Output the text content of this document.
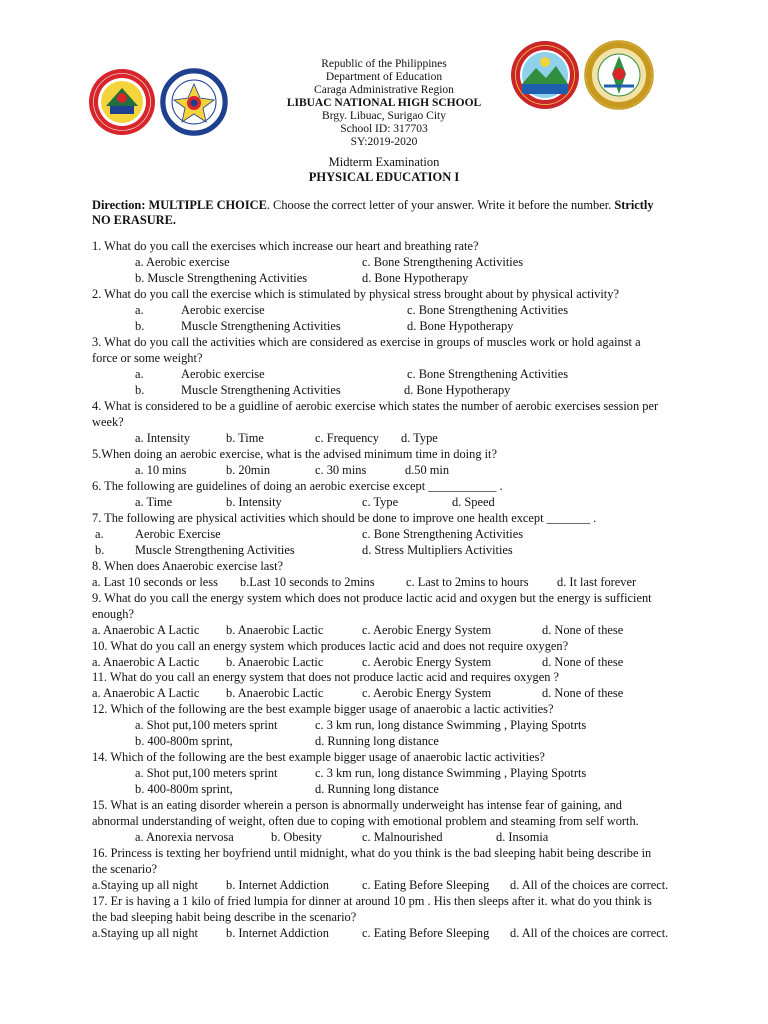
Republic of the Philippines
Department of Education
Caraga Administrative Region
LIBUAC NATIONAL HIGH SCHOOL
Brgy. Libuac, Surigao City
School ID: 317703
SY:2019-2020
Midterm Examination
PHYSICAL EDUCATION I
Direction: MULTIPLE CHOICE. Choose the correct letter of your answer. Write it before the number. Strictly
NO ERASURE.
1. What do you call the exercises which increase our heart and breathing rate?
a. Aerobic exercise	c. Bone Strengthening Activities
b. Muscle Strengthening Activities	d. Bone Hypotherapy
2. What do you call the exercise which is stimulated by physical stress brought about by physical activity?
a.	Aerobic exercise	c. Bone Strengthening Activities
b.	Muscle Strengthening Activities	d. Bone Hypotherapy
3. What do you call the activities which are considered as exercise in groups of muscles work or hold against a
force or some weight?
a.	Aerobic exercise	c. Bone Strengthening Activities
b.	Muscle Strengthening Activities	d. Bone Hypotherapy
4. What is considered to be a guidline of aerobic exercise which states the number of aerobic exercises session per
week?
a. Intensity	b. Time	c. Frequency d. Type
5.When doing an aerobic exercise, what is the advised minimum time in doing it?
a. 10 mins	b. 20min	c. 30 mins	d.50 min
6. The following are guidelines of doing an aerobic exercise except ___________ .
a. Time	b. Intensity	c. Type	d. Speed
7. The following are physical activities which should be done to improve one health except _______ .
a.	Aerobic Exercise	c. Bone Strengthening Activities
b. Muscle Strengthening Activities	d. Stress Multipliers Activities
8. When does Anaerobic exercise last?
a. Last 10 seconds or less b.Last 10 seconds to 2mins	c. Last to 2mins to hours d. It last forever
9. What do you call the energy system which does not produce lactic acid and oxygen but the energy is sufficient
enough?
a. Anaerobic A Lactic b. Anaerobic Lactic	c. Aerobic Energy System	d. None of these
10. What do you call an energy system which produces lactic acid and does not require oxygen?
a. Anaerobic A Lactic b. Anaerobic Lactic	c. Aerobic Energy System	d. None of these
11. What do you call an energy system that does not produce lactic acid and requires oxygen ?
a. Anaerobic A Lactic b. Anaerobic Lactic	c. Aerobic Energy System	d. None of these
12. Which of the following are the best example bigger usage of anaerobic a lactic activities?
a. Shot put,100 meters sprint	c. 3 km run, long distance Swimming , Playing Spotrts
b. 400-800m sprint,	d. Running long distance
14. Which of the following are the best example bigger usage of anaerobic lactic activities?
a. Shot put,100 meters sprint	c. 3 km run, long distance Swimming , Playing Spotrts
b. 400-800m sprint,	d. Running long distance
15. What is an eating disorder wherein a person is abnormally underweight has intense fear of gaining, and
abnormal understanding of weight, often due to coping with emotional problem and steaming from self worth.
a. Anorexia nervosa	b. Obesity	c. Malnourished	d. Insomia
16. Princess is texting her boyfriend until midnight, what do you think is the bad sleeping habit being describe in
the scenario?
a.Staying up all night b. Internet Addiction	c. Eating Before Sleeping d. All of the choices are correct.
17. Er is having a 1 kilo of fried lumpia for dinner at around 10 pm . His then sleeps after it. what do you think is
the bad sleeping habit being describe in the scenario?
a.Staying up all night b. Internet Addiction	c. Eating Before Sleeping d. All of the choices are correct.
